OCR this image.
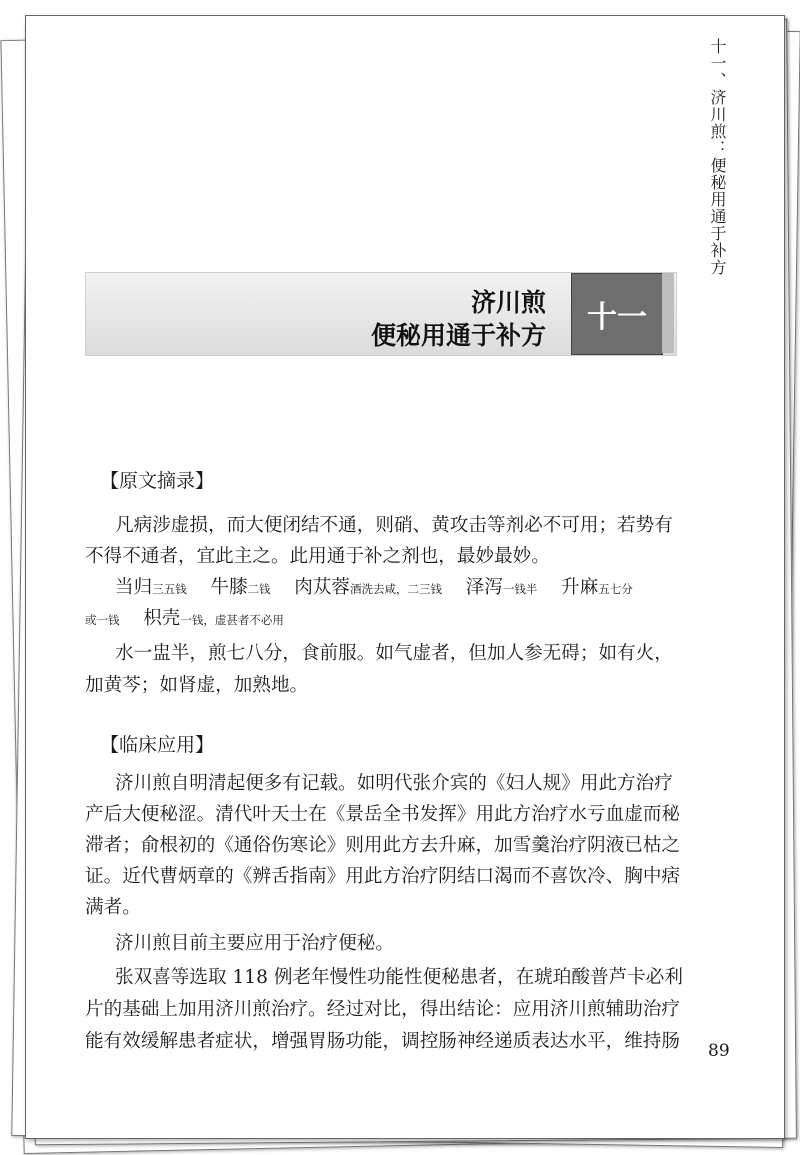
十一、济川煎：便秘用通于补方
济川煎
便秘用通于补方
十一
【原文摘录】
凡病涉虚损，而大便闭结不通，则硝、黄攻击等剂必不可用；若势有
不得不通者，宜此主之。此用通于补之剂也，最妙最妙。
当归三五钱 牛膝二钱 肉苁蓉酒洗去咸，二三钱 泽泻一钱半 升麻五七分
或一钱 枳壳一钱，虚甚者不必用
水一盅半，煎七八分，食前服。如气虚者，但加人参无碍；如有火，
加黄芩；如肾虚，加熟地。
【临床应用】
济川煎自明清起便多有记载。如明代张介宾的《妇人规》用此方治疗
产后大便秘涩。清代叶天士在《景岳全书发挥》用此方治疗水亏血虚而秘
滞者；俞根初的《通俗伤寒论》则用此方去升麻，加雪羹治疗阴液已枯之
证。近代曹炳章的《辨舌指南》用此方治疗阴结口渴而不喜饮冷、胸中痞
满者。
济川煎目前主要应用于治疗便秘。
张双喜等选取 118 例老年慢性功能性便秘患者，在琥珀酸普芦卡必利
片的基础上加用济川煎治疗。经过对比，得出结论：应用济川煎辅助治疗
能有效缓解患者症状，增强胃肠功能，调控肠神经递质表达水平，维持肠 89
